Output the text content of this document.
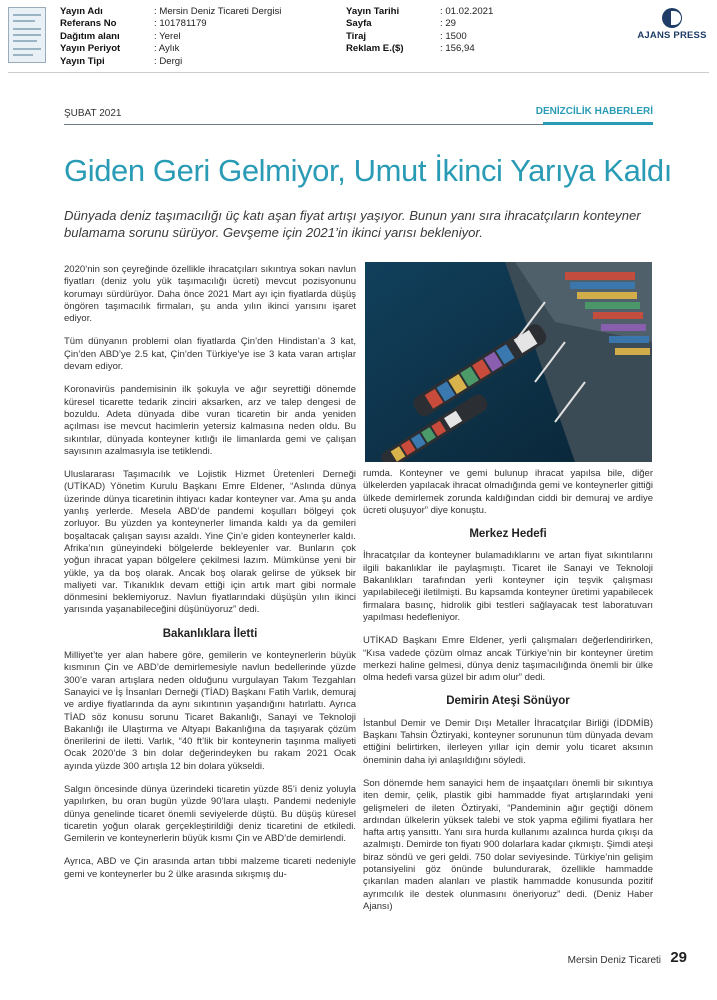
Yayın Adı	: Mersin Deniz Ticareti Dergisi
Referans No	: 101781179
Dağıtım alanı	: Yerel
Yayın Periyot	: Aylık
Yayın Tipi	: Dergi
Yayın Tarihi	: 01.02.2021
Sayfa	: 29
Tiraj	: 1500
Reklam E.($)	: 156,94
AJANS PRESS
ŞUBAT 2021	DENİZCİLİK HABERLERİ
Giden Geri Gelmiyor, Umut İkinci Yarıya Kaldı

Dünyada deniz taşımacılığı üç katı aşan fiyat artışı yaşıyor. Bunun yanı sıra ihracatçıların konteyner bulamama sorunu sürüyor. Gevşeme için 2021’in ikinci yarısı bekleniyor.

2020’nin son çeyreğinde özellikle ihracatçıları sıkıntıya sokan navlun fiyatları (deniz yolu yük taşımacılığı ücreti) mevcut pozisyonunu korumayı sürdürüyor. Daha önce 2021 Mart ayı için fiyatlarda düşüş öngören taşımacılık firmaları, şu anda yılın ikinci yarısını işaret ediyor.

Tüm dünyanın problemi olan fiyatlarda Çin’den Hindistan’a 3 kat, Çin’den ABD’ye 2.5 kat, Çin’den Türkiye’ye ise 3 kata varan artışlar devam ediyor.

Koronavirüs pandemisinin ilk şokuyla ve ağır seyrettiği dönemde küresel ticarette tedarik zinciri aksarken, arz ve talep dengesi de bozuldu. Adeta dünyada dibe vuran ticaretin bir anda yeniden açılması ise mevcut hacimlerin yetersiz kalmasına neden oldu. Bu sıkıntılar, dünyada konteyner kıtlığı ile limanlarda gemi ve çalışan sayısının azalmasıyla ise tetiklendi.

Uluslararası Taşımacılık ve Lojistik Hizmet Üretenleri Derneği (UTİKAD) Yönetim Kurulu Başkanı Emre Eldener, “Aslında dünya üzerinde dünya ticaretinin ihtiyacı kadar konteyner var. Ama şu anda yanlış yerlerde. Mesela ABD’de pandemi koşulları bölgeyi çok zorluyor. Bu yüzden ya konteynerler limanda kaldı ya da gemileri boşaltacak çalışan sayısı azaldı. Yine Çin’e giden konteynerler kaldı. Afrika’nın güneyindeki bölgelerde bekleyenler var. Bunların çok yoğun ihracat yapan bölgelere çekilmesi lazım. Mümkünse yeni bir yükle, ya da boş olarak. Ancak boş olarak gelirse de yüksek bir maliyeti var. Tıkanıklık devam ettiği için artık mart gibi normale dönmesini beklemiyoruz. Navlun fiyatlarındaki düşüşün yılın ikinci yarısında yaşanabileceğini düşünüyoruz” dedi.

Bakanlıklara İletti

Milliyet’te yer alan habere göre, gemilerin ve konteynerlerin büyük kısmının Çin ve ABD’de demirlemesiyle navlun bedellerinde yüzde 300’e varan artışlara neden olduğunu vurgulayan Takım Tezgahları Sanayici ve İş İnsanları Derneği (TİAD) Başkanı Fatih Varlık, demuraj ve ardiye fiyatlarında da aynı sıkıntının yaşandığını hatırlattı. Ayrıca TİAD söz konusu sorunu Ticaret Bakanlığı, Sanayi ve Teknoloji Bakanlığı ile Ulaştırma ve Altyapı Bakanlığına da taşıyarak çözüm önerilerini de iletti. Varlık, “40 ft’lik bir konteynerin taşınma maliyeti Ocak 2020’de 3 bin dolar değerindeyken bu rakam 2021 Ocak ayında yüzde 300 artışla 12 bin dolara yükseldi.

Salgın öncesinde dünya üzerindeki ticaretin yüzde 85’i deniz yoluyla yapılırken, bu oran bugün yüzde 90’lara ulaştı. Pandemi nedeniyle dünya genelinde ticaret önemli seviyelerde düştü. Bu düşüş küresel ticaretin yoğun olarak gerçekleştirildiği deniz ticaretini de etkiledi. Gemilerin ve konteynerlerin büyük kısmı Çin ve ABD’de demirlendi.

Ayrıca, ABD ve Çin arasında artan tıbbi malzeme ticareti nedeniyle gemi ve konteynerler bu 2 ülke arasında sıkışmış du-

rumda. Konteyner ve gemi bulunup ihracat yapılsa bile, diğer ülkelerden yapılacak ihracat olmadığında gemi ve konteynerler gittiği ülkede demirlemek zorunda kaldığından ciddi bir demuraj ve ardiye ücreti oluşuyor” diye konuştu.

Merkez Hedefi

İhracatçılar da konteyner bulamadıklarını ve artan fiyat sıkıntılarını ilgili bakanlıklar ile paylaşmıştı. Ticaret ile Sanayi ve Teknoloji Bakanlıkları tarafından yerli konteyner için teşvik çalışması yapılabileceği iletilmişti. Bu kapsamda konteyner üretimi yapabilecek firmalara basınç, hidrolik gibi testleri sağlayacak test laboratuvarı yapılması hedefleniyor.

UTİKAD Başkanı Emre Eldener, yerli çalışmaları değerlendirirken, “Kısa vadede çözüm olmaz ancak Türkiye’nin bir konteyner üretim merkezi haline gelmesi, dünya deniz taşımacılığında önemli bir ülke olma hedefi varsa güzel bir adım olur” dedi.

Demirin Ateşi Sönüyor

İstanbul Demir ve Demir Dışı Metaller İhracatçılar Birliği (İDDMİB) Başkanı Tahsin Öztiryaki, konteyner sorununun tüm dünyada devam ettiğini belirtirken, ilerleyen yıllar için demir yolu ticaret aksının öneminin daha iyi anlaşıldığını söyledi.

Son dönemde hem sanayici hem de inşaatçıları önemli bir sıkıntıya iten demir, çelik, plastik gibi hammadde fiyat artışlarındaki yeni gelişmeleri de ileten Öztiryaki, “Pandeminin ağır geçtiği dönem ardından ülkelerin yüksek talebi ve stok yapma eğilimi fiyatlara her hafta artış yansıttı. Yanı sıra hurda kullanımı azalınca hurda çıkışı da azalmıştı. Demirde ton fiyatı 900 dolarlara kadar çıkmıştı. Şimdi ateşi biraz söndü ve geri geldi. 750 dolar seviyesinde. Türkiye’nin gelişim potansiyelini göz önünde bulundurarak, özellikle hammadde çıkarılan maden alanları ve plastik hammadde konusunda pozitif ayrımcılık ile destek olunmasını öneriyoruz” dedi. (Deniz Haber Ajansı)

Mersin Deniz Ticareti 29
